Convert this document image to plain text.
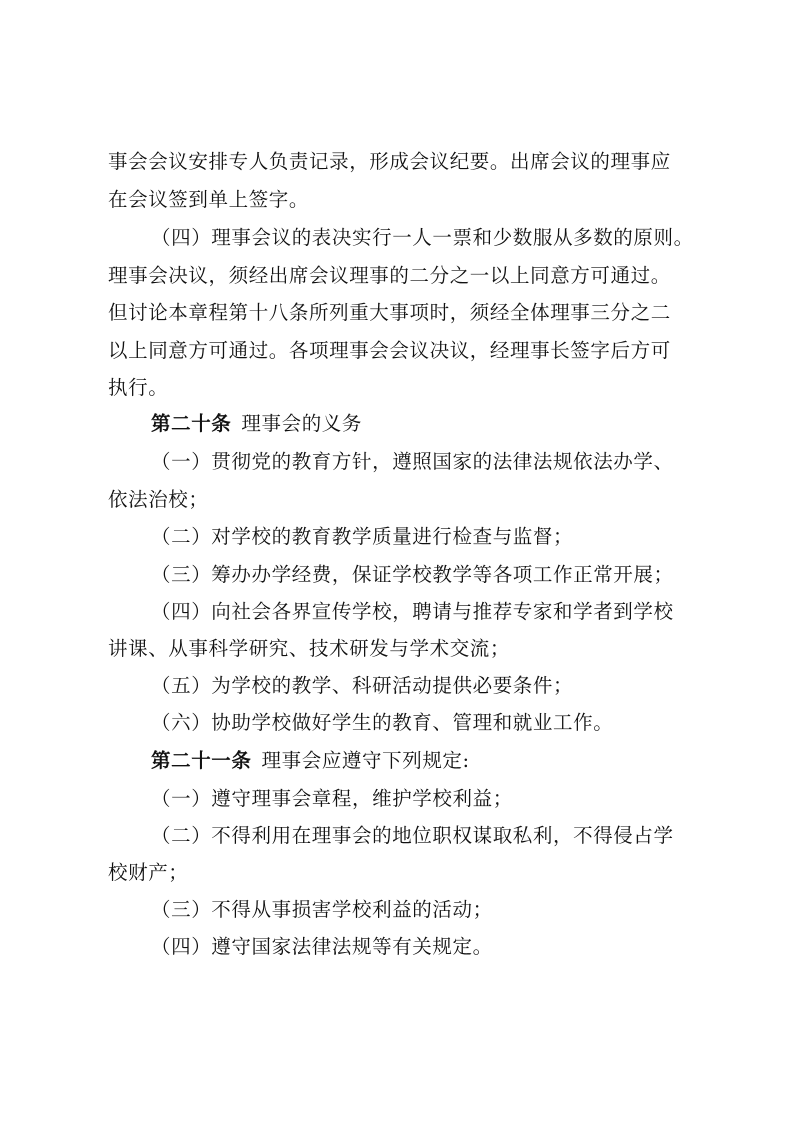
事会会议安排专人负责记录，形成会议纪要。出席会议的理事应
在会议签到单上签字。
（四）理事会议的表决实行一人一票和少数服从多数的原则。
理事会决议，须经出席会议理事的二分之一以上同意方可通过。
但讨论本章程第十八条所列重大事项时，须经全体理事三分之二
以上同意方可通过。各项理事会会议决议，经理事长签字后方可
执行。
第二十条 理事会的义务
（一）贯彻党的教育方针，遵照国家的法律法规依法办学、
依法治校；
（二）对学校的教育教学质量进行检查与监督；
（三）筹办办学经费，保证学校教学等各项工作正常开展；
（四）向社会各界宣传学校，聘请与推荐专家和学者到学校
讲课、从事科学研究、技术研发与学术交流；
（五）为学校的教学、科研活动提供必要条件；
（六）协助学校做好学生的教育、管理和就业工作。
第二十一条 理事会应遵守下列规定:
（一）遵守理事会章程，维护学校利益；
（二）不得利用在理事会的地位职权谋取私利，不得侵占学
校财产；
（三）不得从事损害学校利益的活动；
（四）遵守国家法律法规等有关规定。
